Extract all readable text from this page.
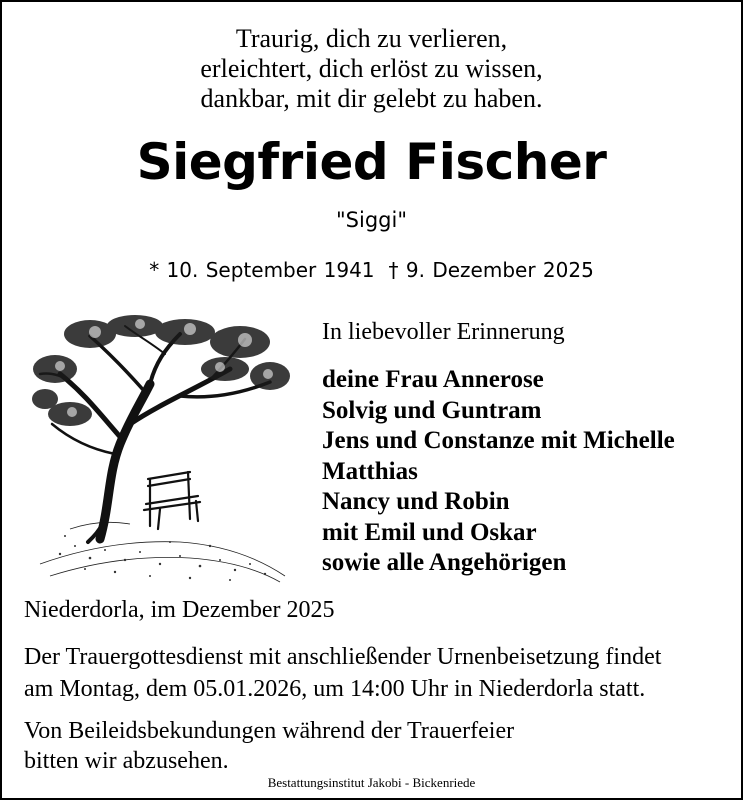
Traurig, dich zu verlieren,
erleichtert, dich erlöst zu wissen,
dankbar, mit dir gelebt zu haben.
Siegfried Fischer
"Siggi"
* 10. September 1941 † 9. Dezember 2025
In liebevoller Erinnerung
deine Frau Annerose
Solvig und Guntram
Jens und Constanze mit Michelle
Matthias
Nancy und Robin
mit Emil und Oskar
sowie alle Angehörigen
Niederdorla, im Dezember 2025
Der Trauergottesdienst mit anschließender Urnenbeisetzung findet
am Montag, dem 05.01.2026, um 14:00 Uhr in Niederdorla statt.
Von Beileidsbekundungen während der Trauerfeier
bitten wir abzusehen.
Bestattungsinstitut Jakobi - Bickenriede
